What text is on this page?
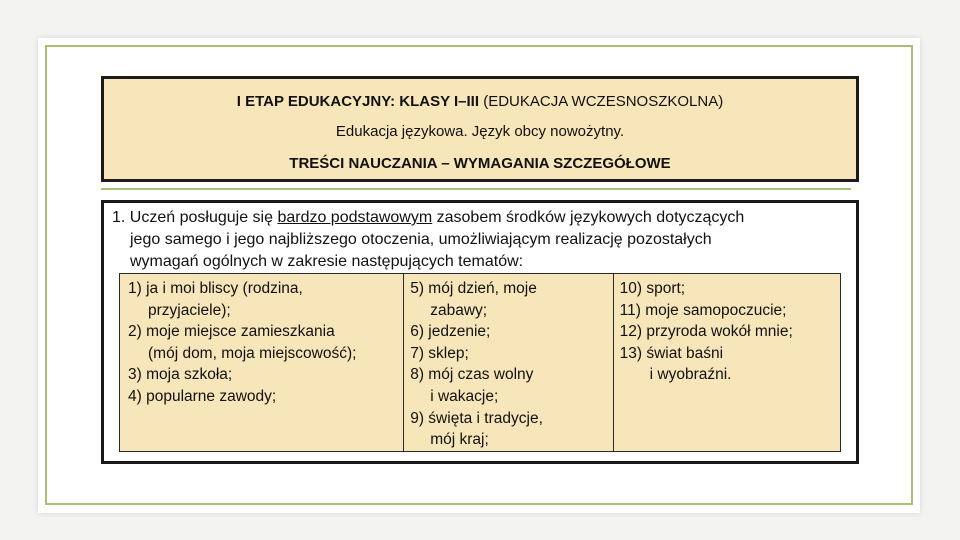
I ETAP EDUKACYJNY: KLASY I–III (EDUKACJA WCZESNOSZKOLNA)
Edukacja językowa. Język obcy nowożytny.
TREŚCI NAUCZANIA – WYMAGANIA SZCZEGÓŁOWE
1. Uczeń posługuje się bardzo podstawowym zasobem środków językowych dotyczących
jego samego i jego najbliższego otoczenia, umożliwiającym realizację pozostałych
wymagań ogólnych w zakresie następujących tematów:
1) ja i moi bliscy (rodzina,
przyjaciele);
2) moje miejsce zamieszkania
(mój dom, moja miejscowość);
3) moja szkoła;
4) popularne zawody;
5) mój dzień, moje
zabawy;
6) jedzenie;
7) sklep;
8) mój czas wolny
i wakacje;
9) święta i tradycje,
mój kraj;
10) sport;
11) moje samopoczucie;
12) przyroda wokół mnie;
13) świat baśni
i wyobraźni.
